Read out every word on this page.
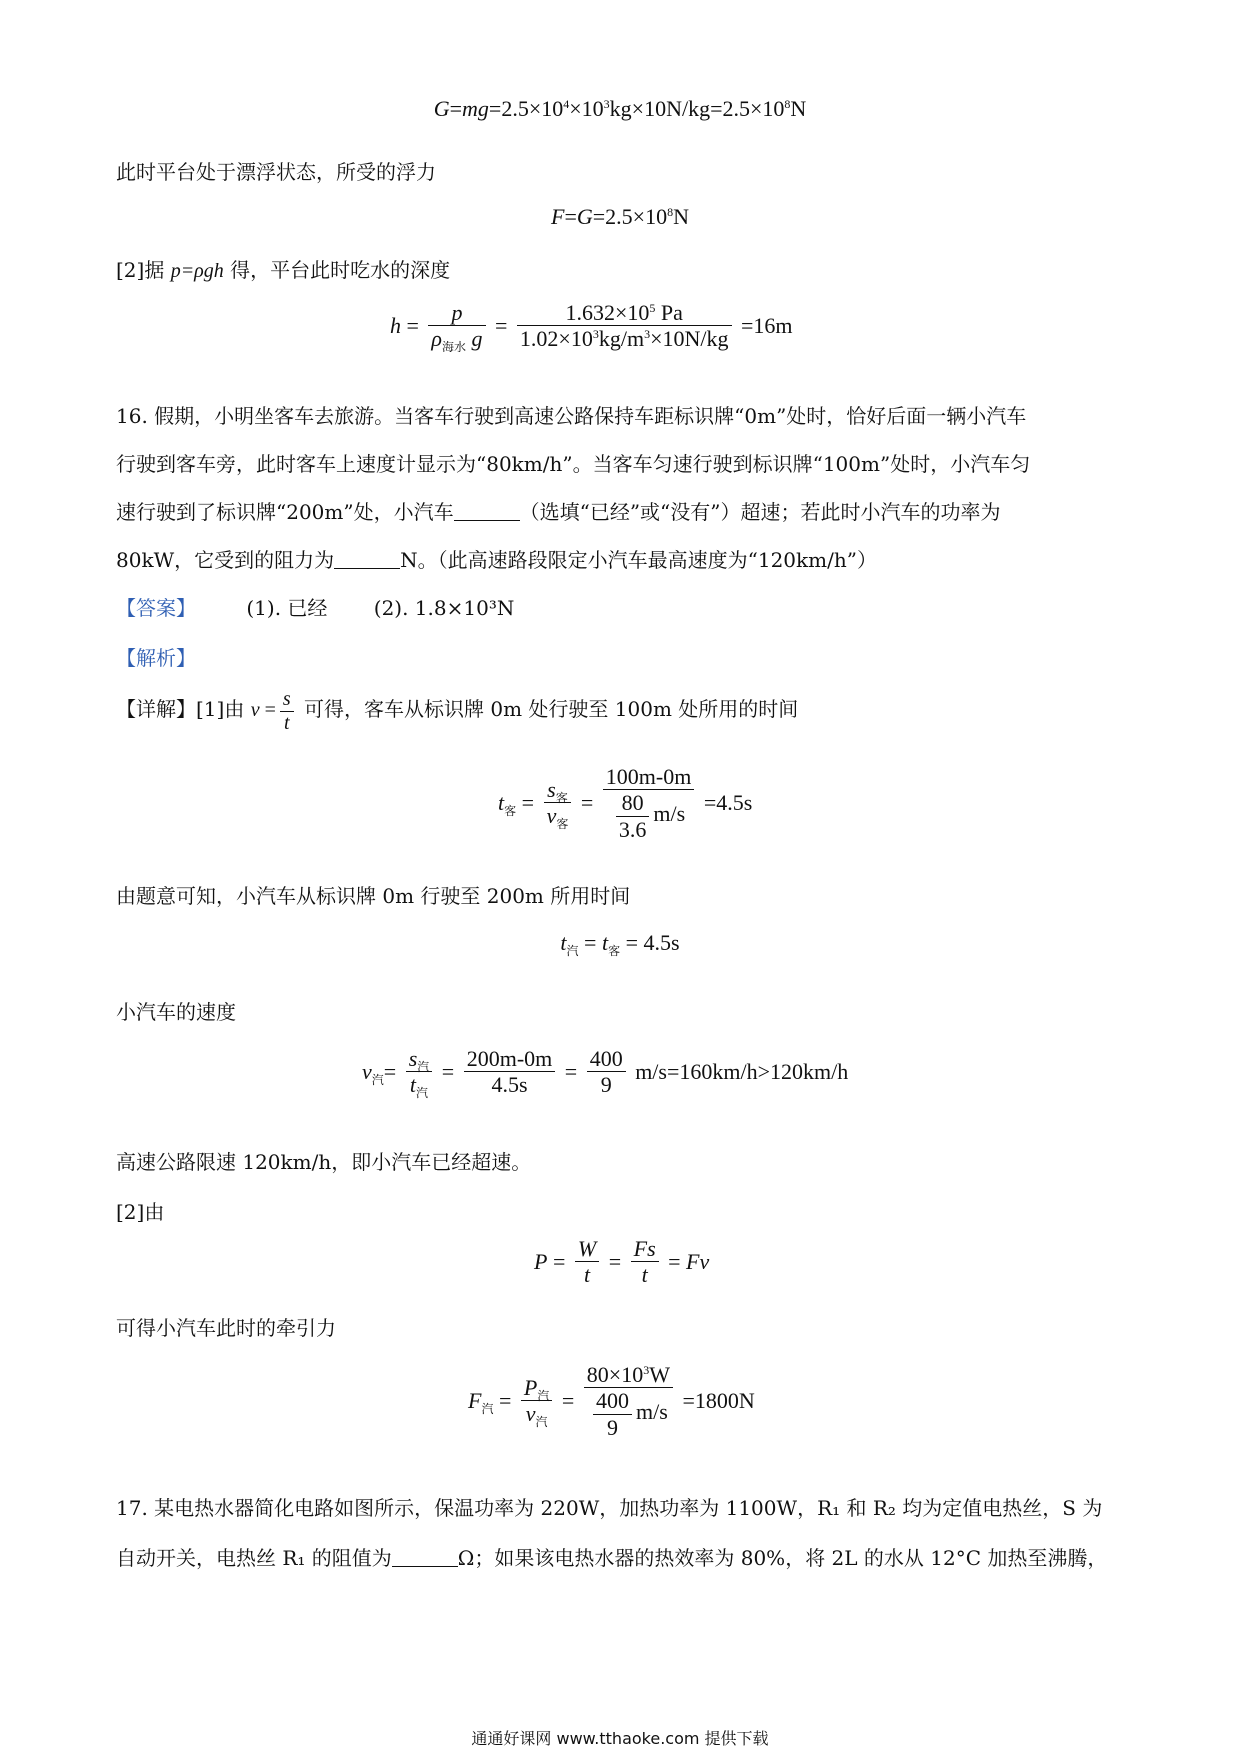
$G=mg=2.5\times 10^4\times 10^3kg\times 10N/kg=2.5\times 10^8N$
此时平台处于漂浮状态，所受的浮力
$F=G=2.5\times 10^8N$
[2]据 p=ρgh 得，平台此时吃水的深度
$h = \frac{p}{\rho_{海水} g} = \frac{1.632\times 10^5 Pa}{1.02\times 10^3kg/m^3\times 10N/kg} =16m$
16. 假期，小明坐客车去旅游。当客车行驶到高速公路保持车距标识牌“0m”处时，恰好后面一辆小汽车
行驶到客车旁，此时客车上速度计显示为“80km/h”。当客车匀速行驶到标识牌“100m”处时，小汽车匀
速行驶到了标识牌“200m”处，小汽车	（选填“已经”或“没有”）超速；若此时小汽车的功率为
80kW，它受到的阻力为	N。（此高速路段限定小汽车最高速度为“120km/h”）
【答案】	(1). 已经 (2). 1.8×10³N
【解析】
【详解】[1]由 $v = \frac{s}{t}$ 可得，客车从标识牌 0m 处行驶至 100m 处所用的时间
$t_客 = \frac{s_客}{v_客} = \frac{100m-0m}{\frac{80}{3.6} m/s} =4.5s$
由题意可知，小汽车从标识牌 0m 行驶至 200m 所用时间
$t_汽 = t_客 = 4.5s$
小汽车的速度
$v_汽= \frac{s_汽}{t_汽} = \frac{200m-0m}{4.5s} = \frac{400}{9} m/s=160km/h>120km/h$
高速公路限速 120km/h，即小汽车已经超速。
[2]由
$P = \frac{W}{t} = \frac{Fs}{t} = Fv$
可得小汽车此时的牵引力
$F_汽 = \frac{P_汽}{v_汽} = \frac{80\times 10^3W}{\frac{400}{9} m/s} =1800N$
17. 某电热水器简化电路如图所示，保温功率为 220W，加热功率为 1100W，R₁ 和 R₂ 均为定值电热丝，S 为
自动开关，电热丝 R₁ 的阻值为	Ω；如果该电热水器的热效率为 80%，将 2L 的水从 12°C 加热至沸腾，
通通好课网 www.tthaoke.com 提供下载
